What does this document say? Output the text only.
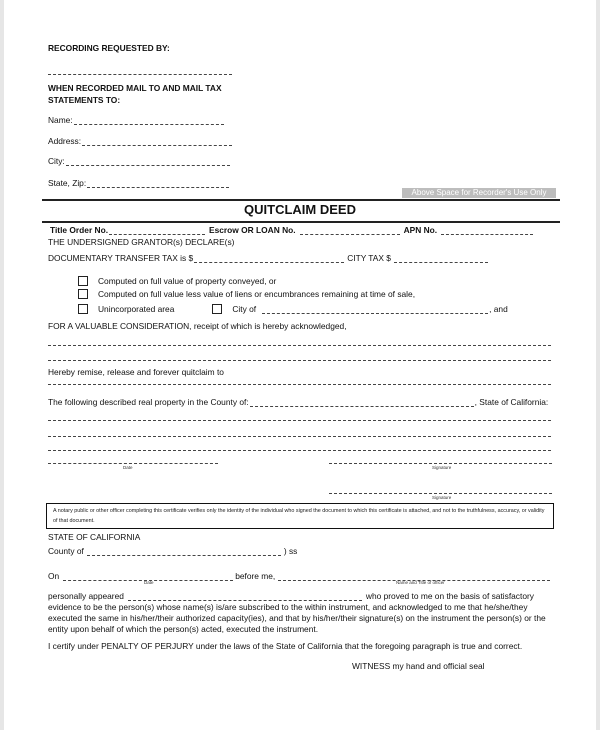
RECORDING REQUESTED BY:
WHEN RECORDED MAIL TO AND MAIL TAX
STATEMENTS TO:
Name:
Address:
City:
State, Zip:
Above Space for Recorder's Use Only
QUITCLAIM DEED
Title Order No.	Escrow OR LOAN No.	APN No.
THE UNDERSIGNED GRANTOR(s) DECLARE(s)
DOCUMENTARY TRANSFER TAX is $	CITY TAX $
Computed on full value of property conveyed, or
Computed on full value less value of liens or encumbrances remaining at time of sale,
Unincorporated area	City of	, and
FOR A VALUABLE CONSIDERATION, receipt of which is hereby acknowledged,
Hereby remise, release and forever quitclaim to
The following described real property in the County of:	, State of California:
Date	Signature
Signature
A notary public or other officer completing this certificate verifies only the identity of the individual who signed the document to which this certificate is attached, and not to the truthfulness, accuracy, or validity of that document.
STATE OF CALIFORNIA
County of	) ss
On	before me,
Date	Name and Title of officer
personally appeared	who proved to me on the basis of satisfactory
evidence to be the person(s) whose name(s) is/are subscribed to the within instrument, and acknowledged to me that he/she/they
executed the same in his/her/their authorized capacity(ies), and that by his/her/their signature(s) on the instrument the person(s) or the
entity upon behalf of which the person(s) acted, executed the instrument.
I certify under PENALTY OF PERJURY under the laws of the State of California that the foregoing paragraph is true and correct.
WITNESS my hand and official seal
